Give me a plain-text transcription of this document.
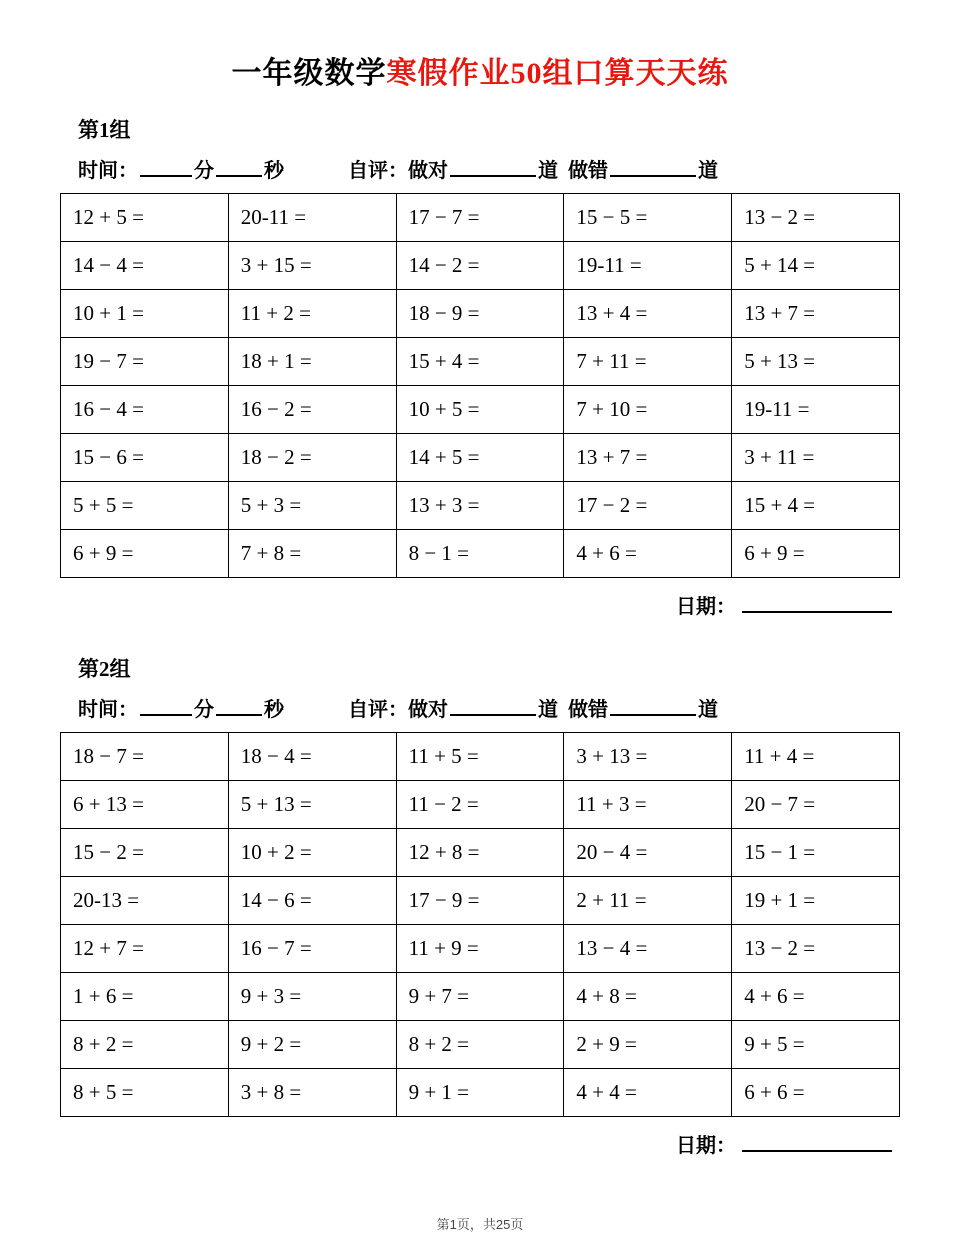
一年级数学寒假作业50组口算天天练
第1组
时间：	分	秒	自评：做对	道
做错	道
12 + 5 =	20-11 =	17 − 7 =	15 − 5 =	13 − 2 =
14 − 4 =	3 + 15 =	14 − 2 =	19-11 =	5 + 14 =
10 + 1 =	11 + 2 =	18 − 9 =	13 + 4 =	13 + 7 =
19 − 7 =	18 + 1 =	15 + 4 =	7 + 11 =	5 + 13 =
16 − 4 =	16 − 2 =	10 + 5 =	7 + 10 =	19-11 =
15 − 6 =	18 − 2 =	14 + 5 =	13 + 7 =	3 + 11 =
5 + 5 =	5 + 3 =	13 + 3 =	17 − 2 =	15 + 4 =
6 + 9 =	7 + 8 =	8 − 1 =	4 + 6 =	6 + 9 =
日期：
第2组
时间：	分	秒	自评：做对	道
做错	道
18 − 7 =	18 − 4 =	11 + 5 =	3 + 13 =	11 + 4 =
6 + 13 =	5 + 13 =	11 − 2 =	11 + 3 =	20 − 7 =
15 − 2 =	10 + 2 =	12 + 8 =	20 − 4 =	15 − 1 =
20-13 =	14 − 6 =	17 − 9 =	2 + 11 =	19 + 1 =
12 + 7 =	16 − 7 =	11 + 9 =	13 − 4 =	13 − 2 =
1 + 6 =	9 + 3 =	9 + 7 =	4 + 8 =	4 + 6 =
8 + 2 =	9 + 2 =	8 + 2 =	2 + 9 =	9 + 5 =
8 + 5 =	3 + 8 =	9 + 1 =	4 + 4 =	6 + 6 =
日期：
第1页，共25页
